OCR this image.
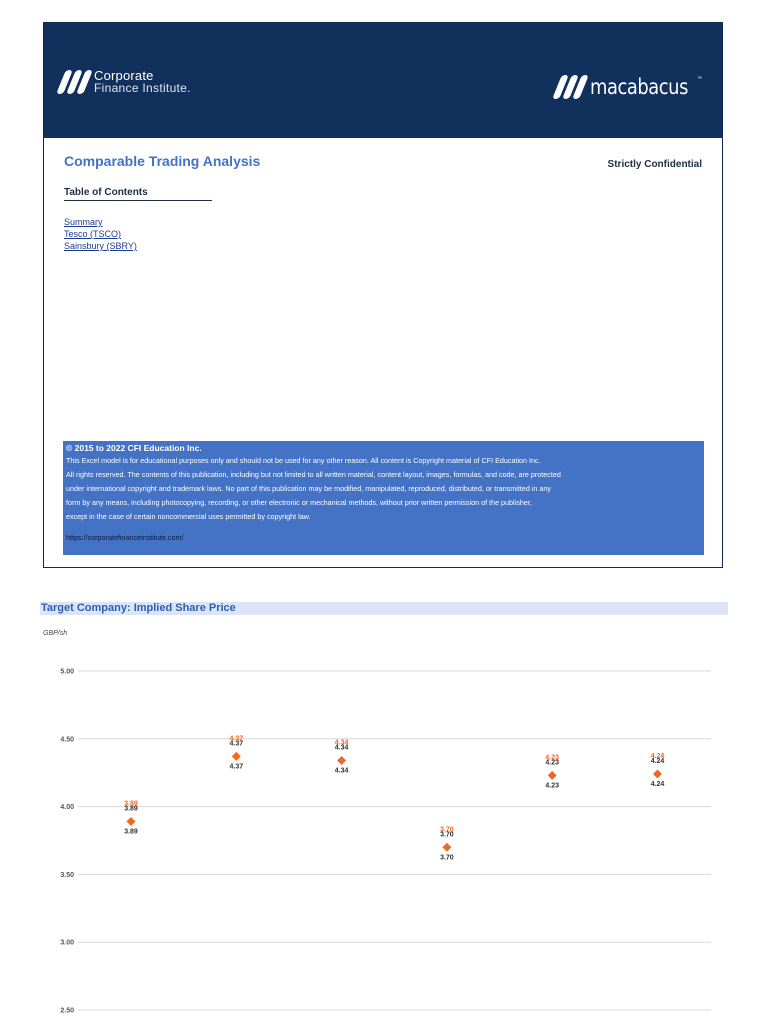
Corporate
Finance Institute.	macabacus ™
Comparable Trading Analysis	Strictly Confidential
Table of Contents
Summary
Tesco (TSCO)
Sainsbury (SBRY)
© 2015 to 2022 CFI Education Inc.
This Excel model is for educational purposes only and should not be used for any other reason. All content is Copyright material of CFI Education Inc.
All rights reserved. The contents of this publication, including but not limited to all written material, content layout, images, formulas, and code, are protected
under international copyright and trademark laws. No part of this publication may be modified, manipulated, reproduced, distributed, or transmitted in any
form by any means, including photocopying, recording, or other electronic or mechanical methods, without prior written permission of the publisher,
except in the case of certain noncommercial uses permitted by copyright law.
https://corporatefinanceinstitute.com/
Target Company: Implied Share Price
GBP/sh
2.50
3.00
3.50
4.00
4.50
5.00
3.89
3.89
3.89
4.37
4.37
4.37
4.34
4.34
4.34
3.70
3.70
3.70
4.23
4.23
4.23
4.24
4.24
4.24
